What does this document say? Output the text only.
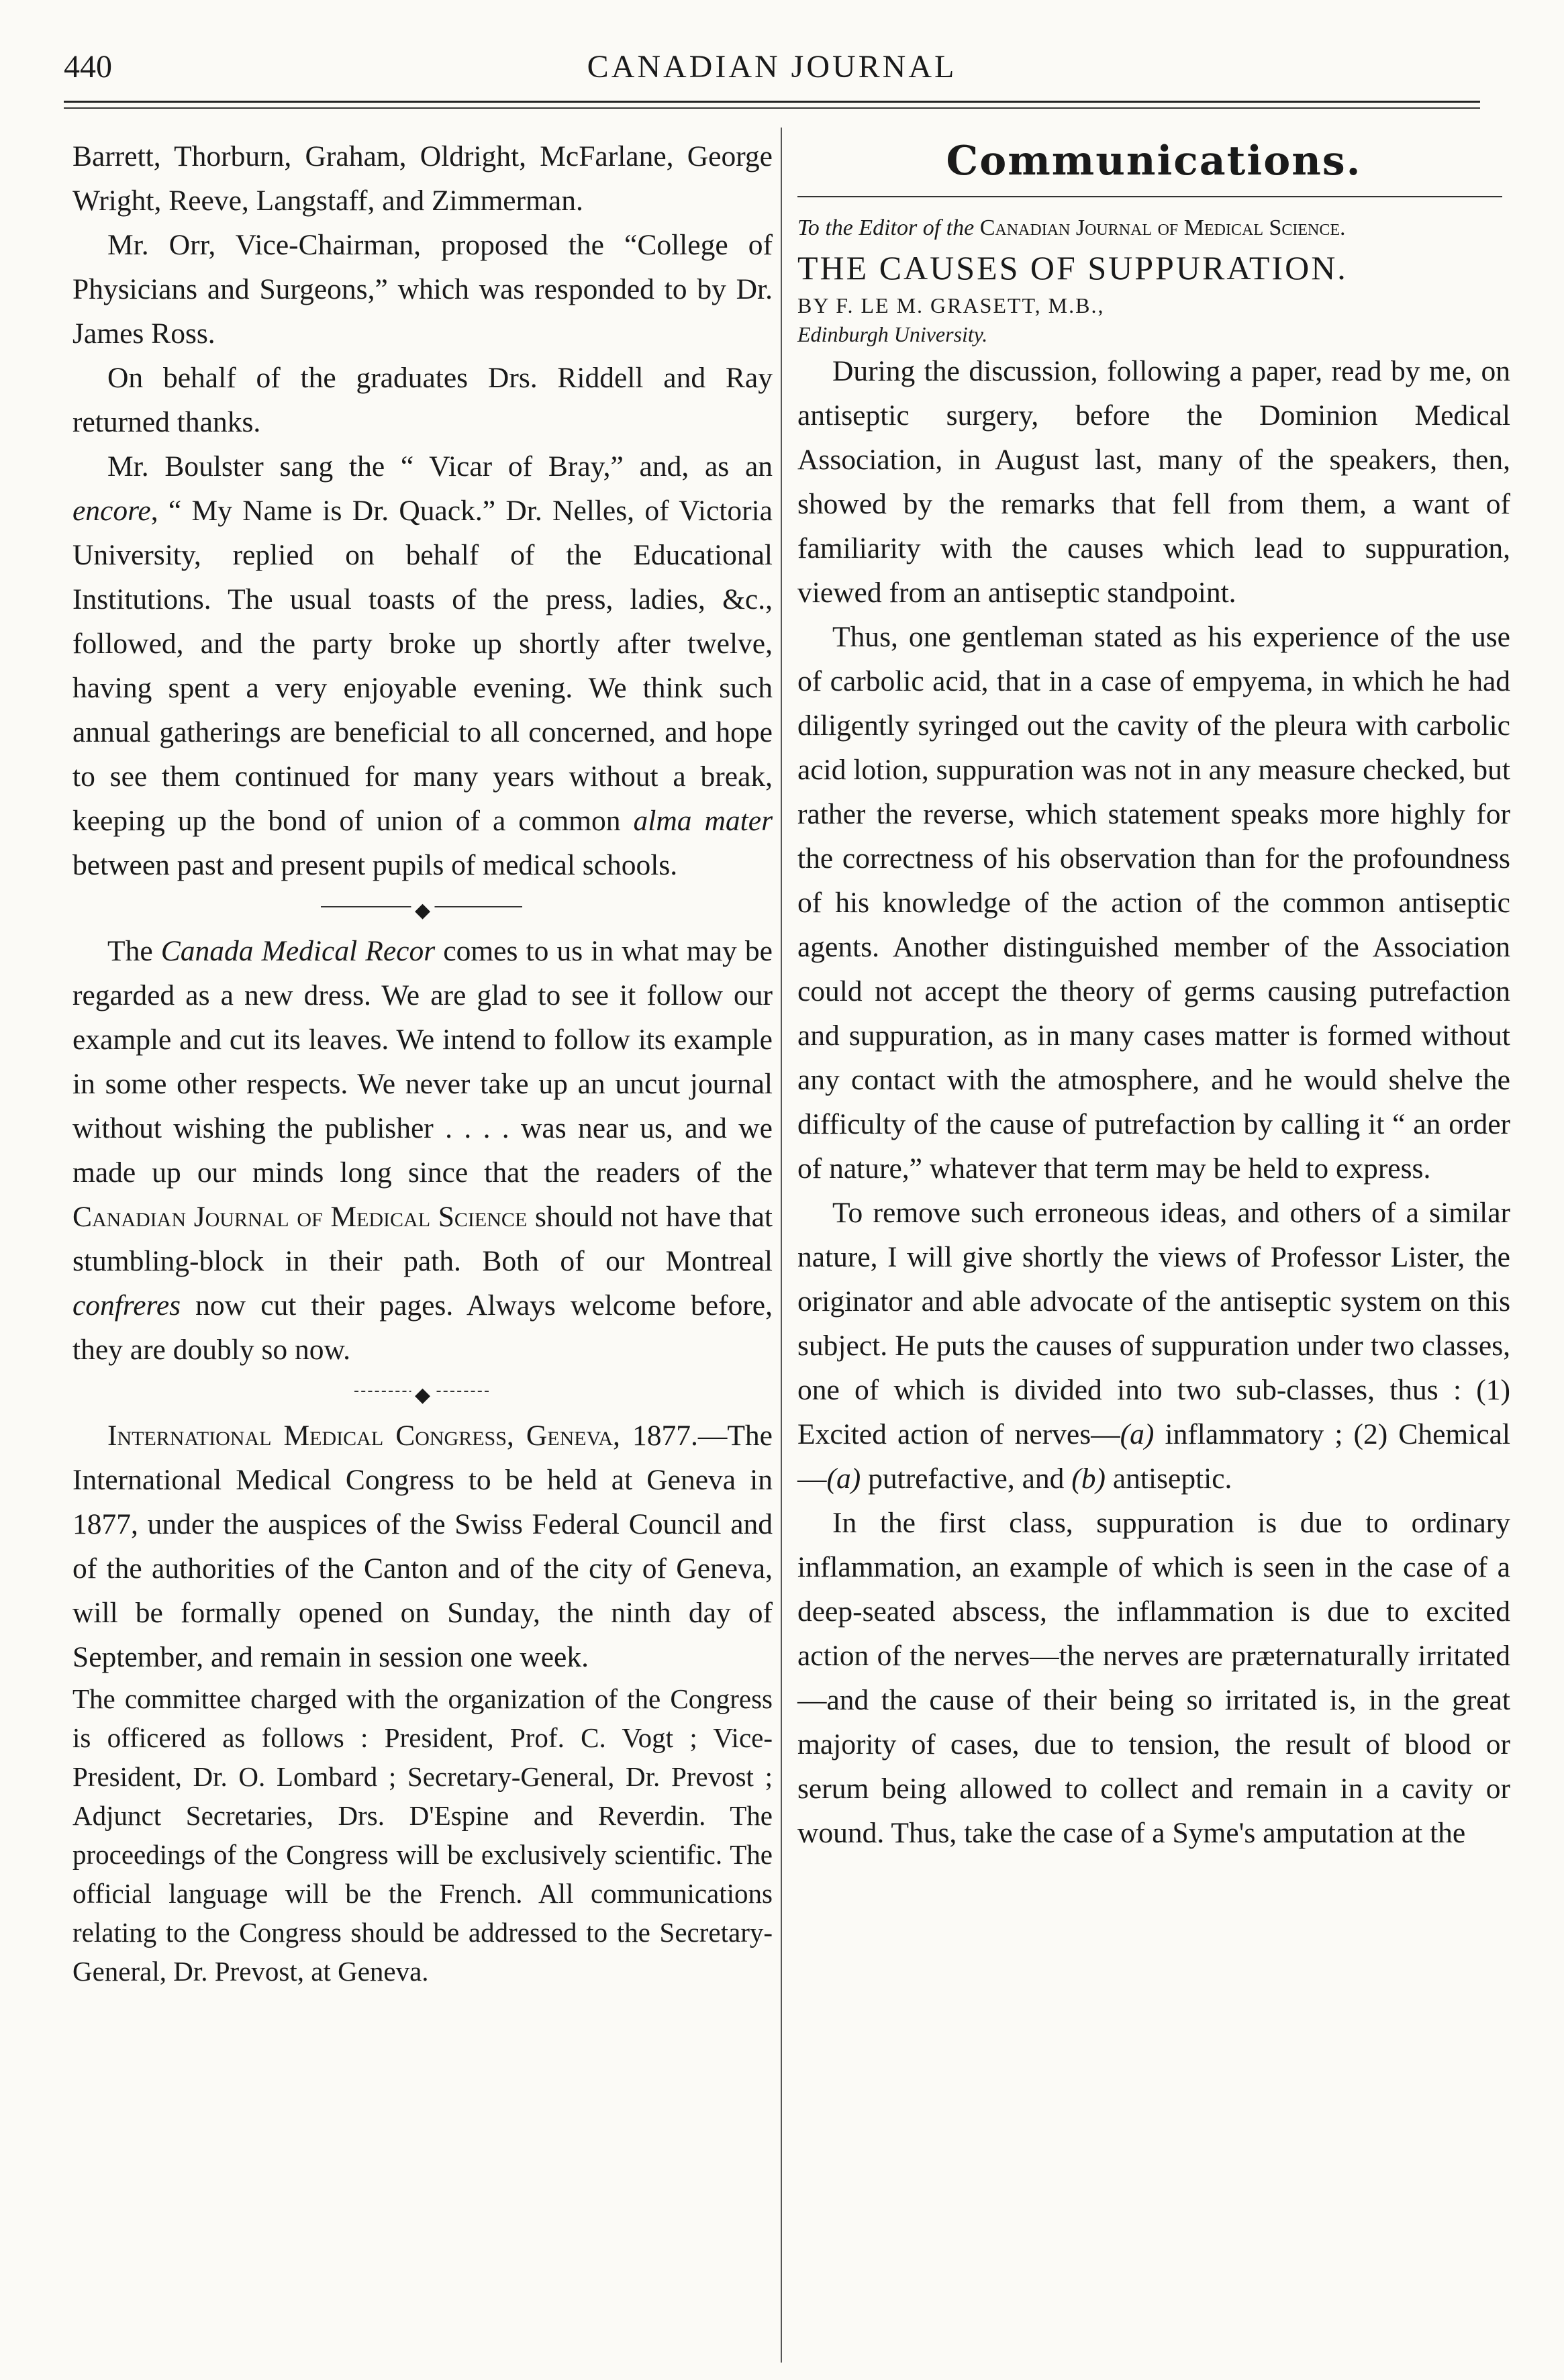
440	CANADIAN JOURNAL

Barrett, Thorburn, Graham, Oldright, McFarlane, George Wright, Reeve, Langstaff, and Zimmerman.

Mr. Orr, Vice-Chairman, proposed the “College of Physicians and Surgeons,” which was responded to by Dr. James Ross.

On behalf of the graduates Drs. Riddell and Ray returned thanks.

Mr. Boulster sang the “ Vicar of Bray,” and, as an encore, “ My Name is Dr. Quack.” Dr. Nelles, of Victoria University, replied on behalf of the Educational Institutions. The usual toasts of the press, ladies, &c., followed, and the party broke up shortly after twelve, having spent a very enjoyable evening. We think such annual gatherings are beneficial to all concerned, and hope to see them continued for many years without a break, keeping up the bond of union of a common alma mater between past and present pupils of medical schools.

◆

The Canada Medical Recor comes to us in what may be regarded as a new dress. We are glad to see it follow our example and cut its leaves. We intend to follow its example in some other respects. We never take up an uncut journal without wishing the publisher . . . . was near us, and we made up our minds long since that the readers of the Canadian Journal of Medical Science should not have that stumbling-block in their path. Both of our Montreal confreres now cut their pages. Always welcome before, they are doubly so now.

◆

International Medical Congress, Geneva, 1877.—The International Medical Congress to be held at Geneva in 1877, under the auspices of the Swiss Federal Council and of the authorities of the Canton and of the city of Geneva, will be formally opened on Sunday, the ninth day of September, and remain in session one week.

The committee charged with the organization of the Congress is officered as follows : President, Prof. C. Vogt ; Vice-President, Dr. O. Lombard ; Secretary-General, Dr. Prevost ; Adjunct Secretaries, Drs. D'Espine and Reverdin. The proceedings of the Congress will be exclusively scientific. The official language will be the French. All communications relating to the Congress should be addressed to the Secretary-General, Dr. Prevost, at Geneva.

Communications.

To the Editor of the Canadian Journal of Medical Science.

THE CAUSES OF SUPPURATION.

BY F. LE M. GRASETT, M.B.,

Edinburgh University.

During the discussion, following a paper, read by me, on antiseptic surgery, before the Dominion Medical Association, in August last, many of the speakers, then, showed by the remarks that fell from them, a want of familiarity with the causes which lead to suppuration, viewed from an antiseptic standpoint.

Thus, one gentleman stated as his experience of the use of carbolic acid, that in a case of empyema, in which he had diligently syringed out the cavity of the pleura with carbolic acid lotion, suppuration was not in any measure checked, but rather the reverse, which statement speaks more highly for the correctness of his observation than for the profoundness of his knowledge of the action of the common antiseptic agents. Another distinguished member of the Association could not accept the theory of germs causing putrefaction and suppuration, as in many cases matter is formed without any contact with the atmosphere, and he would shelve the difficulty of the cause of putrefaction by calling it “ an order of nature,” whatever that term may be held to express.

To remove such erroneous ideas, and others of a similar nature, I will give shortly the views of Professor Lister, the originator and able advocate of the antiseptic system on this subject. He puts the causes of suppuration under two classes, one of which is divided into two sub-classes, thus : (1) Excited action of nerves—(a) inflammatory ; (2) Chemical—(a) putrefactive, and (b) antiseptic.

In the first class, suppuration is due to ordinary inflammation, an example of which is seen in the case of a deep-seated abscess, the inflammation is due to excited action of the nerves—the nerves are præternaturally irritated—and the cause of their being so irritated is, in the great majority of cases, due to tension, the result of blood or serum being allowed to collect and remain in a cavity or wound. Thus, take the case of a Syme's amputation at the
